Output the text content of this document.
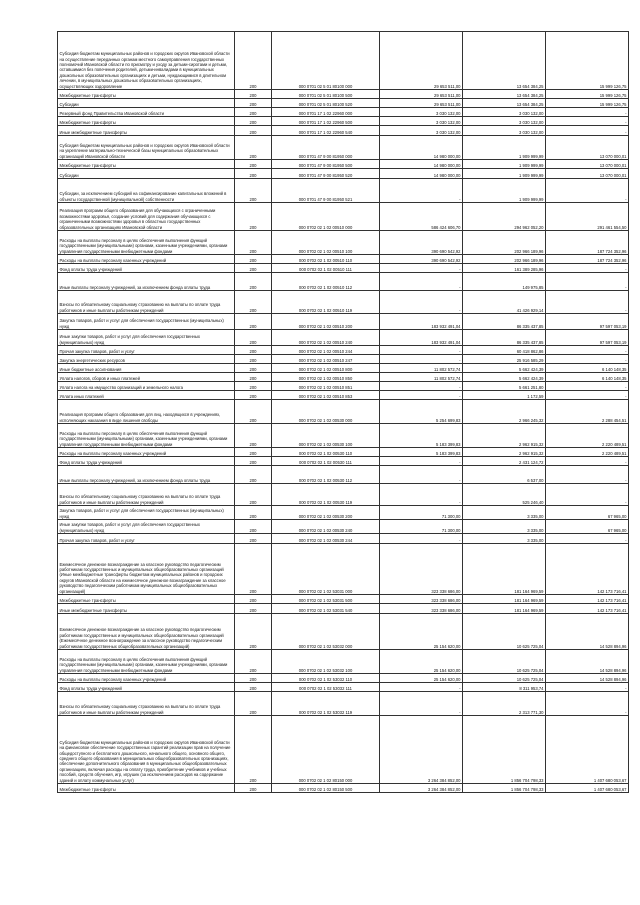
Субсидия бюджетам муниципальных районов и городских округов Ивановской области на осуществление переданных органам местного самоуправления государственных полномочий Ивановской области по присмотру и уходу за детьми-сиротами и детьми, оставшимися без попечения родителей, детьми-инвалидами в муниципальных дошкольных образовательных организациях и детьми, нуждающимися в длительном лечении, в муниципальных дошкольных образовательных организациях, осуществляющих оздоровление	200	000 0701 02 5 01 80100 000	29 653 511,00	13 654 384,25	15 999 126,75
Межбюджетные трансферты	200	000 0701 02 5 01 80100 500	29 653 511,00	13 654 384,25	15 999 126,75
Субсидии	200	000 0701 02 5 01 80100 520	29 653 511,00	13 654 384,25	15 999 126,75
Резервный фонд Правительства Ивановской области	200	000 0701 17 1 02 22960 000	3 030 132,00	3 030 132,00	-
Межбюджетные трансферты	200	000 0701 17 1 02 22960 500	3 030 132,00	3 030 132,00	-
Иные межбюджетные трансферты	200	000 0701 17 1 02 22960 540	3 030 132,00	3 030 132,00	-
Субсидия бюджетам муниципальных районов и городских округов Ивановской области на укрепление материально-технической базы муниципальных образовательных организаций Ивановской области	200	000 0701 47 9 00 81950 000	14 980 000,00	1 909 999,99	13 070 000,01
Межбюджетные трансферты	200	000 0701 47 9 00 81950 500	14 980 000,00	1 909 999,99	13 070 000,01
Субсидии	200	000 0701 47 9 00 81950 520	14 980 000,00	1 909 999,99	13 070 000,01
Субсидии, за исключением субсидий на софинансирование капитальных вложений в объекты государственной (муниципальной) собственности	200	000 0701 47 9 00 81950 521	-	1 909 999,99	-
Реализация программ общего образования для обучающихся с ограниченными возможностями здоровья, создание условий для содержания обучающихся с ограниченными возможностями здоровья в областных государственных образовательных организациях Ивановской области	200	000 0702 02 1 02 00510 000	586 424 606,70	294 962 052,20	291 461 554,50
Расходы на выплаты персоналу в целях обеспечения выполнения функций государственными (муниципальными) органами, казенными учреждениями, органами управления государственными внебюджетными фондами	200	000 0702 02 1 02 00510 100	390 690 542,92	202 966 189,96	187 724 352,96
Расходы на выплаты персоналу казенных учреждений	200	000 0702 02 1 02 00510 110	390 690 542,92	202 966 189,96	187 724 352,96
Фонд оплаты труда учреждений	200	000 0702 02 1 02 00510 111	-	161 389 285,96	-
Иные выплаты персоналу учреждений, за исключением фонда оплаты труда	200	000 0702 02 1 02 00510 112	-	149 975,85	-
Взносы по обязательному социальному страхованию на выплаты по оплате труда работников и иные выплаты работникам учреждений	200	000 0702 02 1 02 00510 119	-	41 426 929,14	-
Закупка товаров, работ и услуг для обеспечения государственных (муниципальных) нужд	200	000 0702 02 1 02 00510 200	183 932 491,04	86 335 437,85	97 597 053,19
Иные закупки товаров, работ и услуг для обеспечения государственных (муниципальных) нужд	200	000 0702 02 1 02 00510 240	183 932 491,04	86 335 437,85	97 597 053,19
Прочая закупка товаров, работ и услуг	200	000 0702 02 1 02 00510 244	-	60 418 862,86	-
Закупка энергетических ресурсов	200	000 0702 02 1 02 00510 247	-	25 916 585,29	-
Иные бюджетные ассигнования	200	000 0702 02 1 02 00510 800	11 802 572,74	5 662 424,39	6 140 148,35
Уплата налогов, сборов и иных платежей	200	000 0702 02 1 02 00510 850	11 802 572,74	5 662 424,39	6 140 148,35
Уплата налога на имущество организаций и земельного налога	200	000 0702 02 1 02 00510 851	-	5 661 251,80	-
Уплата иных платежей	200	000 0702 02 1 02 00510 853	-	1 172,59	-
Реализация программ общего образования для лиц, находящихся в учреждениях, исполняющих наказания в виде лишения свободы	200	000 0702 02 1 02 00530 000	5 254 699,83	2 966 245,32	2 288 454,51
Расходы на выплаты персоналу в целях обеспечения выполнения функций государственными (муниципальными) органами, казенными учреждениями, органами управления государственными внебюджетными фондами	200	000 0702 02 1 02 00530 100	5 183 399,83	2 962 915,32	2 220 489,51
Расходы на выплаты персоналу казенных учреждений	200	000 0702 02 1 02 00530 110	5 183 399,83	2 962 915,32	2 220 489,51
Фонд оплаты труда учреждений	200	000 0702 02 1 02 00530 111	-	2 431 124,72	-
Иные выплаты персоналу учреждений, за исключением фонда оплаты труда	200	000 0702 02 1 02 00530 112	-	6 537,00	-
Взносы по обязательному социальному страхованию на выплаты по оплате труда работников и иные выплаты работникам учреждений	200	000 0702 02 1 02 00530 119	-	525 246,40	-
Закупка товаров, работ и услуг для обеспечения государственных (муниципальных) нужд	200	000 0702 02 1 02 00530 200	71 300,00	3 335,00	67 965,00
Иные закупки товаров, работ и услуг для обеспечения государственных (муниципальных) нужд	200	000 0702 02 1 02 00530 240	71 300,00	3 335,00	67 965,00
Прочая закупка товаров, работ и услуг	200	000 0702 02 1 02 00530 244	-	3 335,00	-
Ежемесячное денежное вознаграждение за классное руководство педагогическим работникам государственных и муниципальных общеобразовательных организаций (Иные межбюджетные трансферты бюджетам муниципальных районов и городских округов Ивановской области на ежемесячное денежное вознаграждение за классное руководство педагогическим работникам муниципальных общеобразовательных организаций)	200	000 0702 02 1 02 53031 000	323 338 686,00	181 164 969,59	142 173 716,41
Межбюджетные трансферты	200	000 0702 02 1 02 53031 500	323 338 686,00	181 164 969,59	142 173 716,41
Иные межбюджетные трансферты	200	000 0702 02 1 02 53031 540	323 338 686,00	181 164 969,59	142 173 716,41
Ежемесячное денежное вознаграждение за классное руководство педагогическим работникам государственных и муниципальных общеобразовательных организаций (Ежемесячное денежное вознаграждение за классное руководство педагогическим работникам государственных общеобразовательных организаций)	200	000 0702 02 1 02 53032 000	25 154 620,00	10 625 725,04	14 528 894,96
Расходы на выплаты персоналу в целях обеспечения выполнения функций государственными (муниципальными) органами, казенными учреждениями, органами управления государственными внебюджетными фондами	200	000 0702 02 1 02 53032 100	25 154 620,00	10 625 725,04	14 528 894,96
Расходы на выплаты персоналу казенных учреждений	200	000 0702 02 1 02 53032 110	25 154 620,00	10 625 725,04	14 528 894,96
Фонд оплаты труда учреждений	200	000 0702 02 1 02 53032 111	-	8 311 953,74	-
Взносы по обязательному социальному страхованию на выплаты по оплате труда работников и иные выплаты работникам учреждений	200	000 0702 02 1 02 53032 119	-	2 313 771,30	-
Субсидия бюджетам муниципальных районов и городских округов Ивановской области на финансовое обеспечение государственных гарантий реализации прав на получение общедоступного и бесплатного дошкольного, начального общего, основного общего, среднего общего образования в муниципальных общеобразовательных организациях, обеспечение дополнительного образования в муниципальных общеобразовательных организациях, включая расходы на оплату труда, приобретение учебников и учебных пособий, средств обучения, игр, игрушек (за исключением расходов на содержание зданий и оплату коммунальных услуг)	200	000 0702 02 1 02 80150 000	3 264 384 852,00	1 856 704 798,33	1 407 680 053,67
Межбюджетные трансферты	200	000 0702 02 1 02 80150 500	3 264 384 852,00	1 856 704 798,33	1 407 680 053,67
